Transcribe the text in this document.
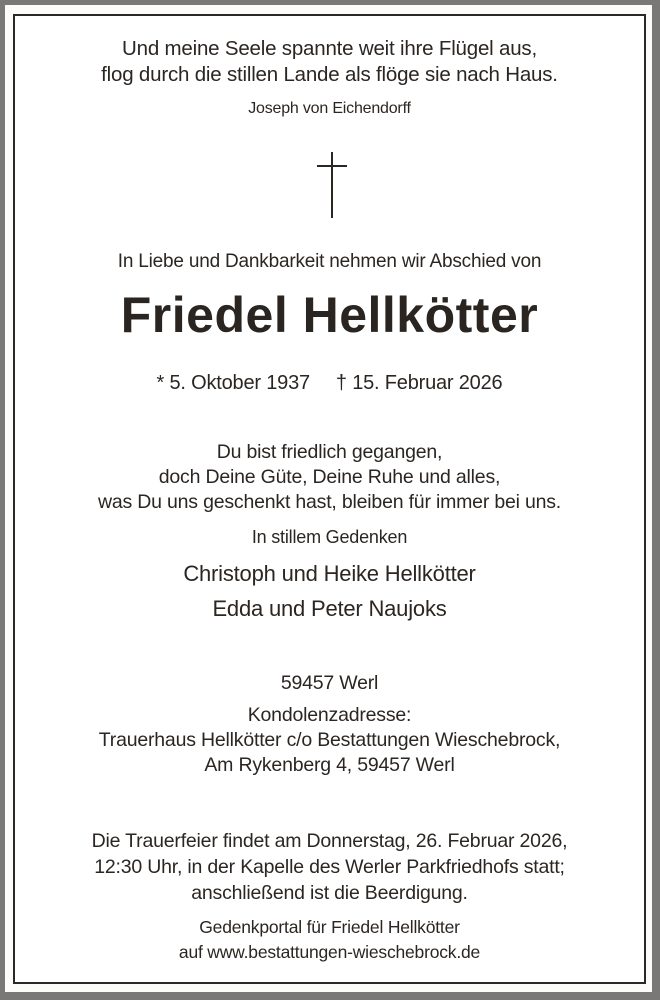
Und meine Seele spannte weit ihre Flügel aus,
flog durch die stillen Lande als flöge sie nach Haus.
Joseph von Eichendorff
In Liebe und Dankbarkeit nehmen wir Abschied von
Friedel Hellkötter
* 5. Oktober 1937 † 15. Februar 2026
Du bist friedlich gegangen,
doch Deine Güte, Deine Ruhe und alles,
was Du uns geschenkt hast, bleiben für immer bei uns.
In stillem Gedenken
Christoph und Heike Hellkötter
Edda und Peter Naujoks
59457 Werl
Kondolenzadresse:
Trauerhaus Hellkötter c/o Bestattungen Wieschebrock,
Am Rykenberg 4, 59457 Werl
Die Trauerfeier findet am Donnerstag, 26. Februar 2026,
12:30 Uhr, in der Kapelle des Werler Parkfriedhofs statt;
anschließend ist die Beerdigung.
Gedenkportal für Friedel Hellkötter
auf www.bestattungen-wieschebrock.de
